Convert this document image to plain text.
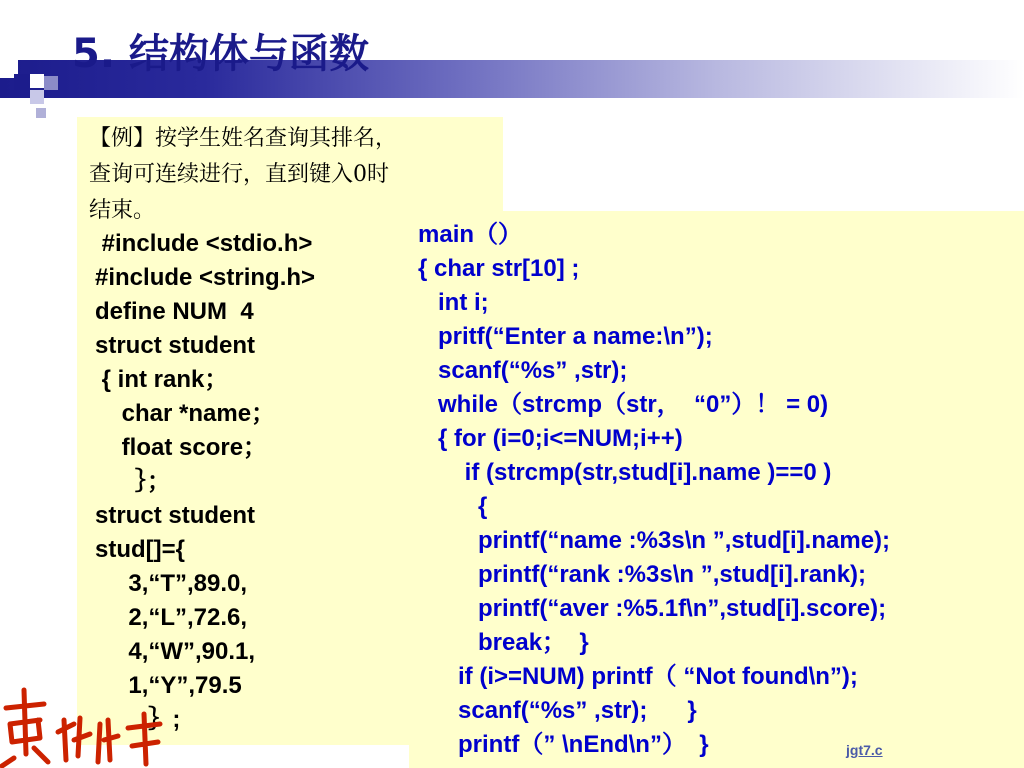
5. 结构体与函数
【例】按学生姓名查询其排名，
查询可连续进行，直到键入0时
结束。
#include <stdio.h>
#include <string.h>
define NUM  4
struct student
{ int rank；
char *name；
float score；
｝；
struct student
stud[]={
3,“T”,89.0,
2,“L”,72.6,
4,“W”,90.1,
1,“Y”,79.5
｝;
main（）
{ char str[10] ;
int i;
pritf(“Enter a name:\n”);
scanf(“%s” ,str);
while（strcmp（str，  “0”）！ = 0)
{ for (i=0;i<=NUM;i++)
if (strcmp(str,stud[i].name )==0 )
{
printf(“name :%3s\n ”,stud[i].name);
printf(“rank :%3s\n ”,stud[i].rank);
printf(“aver :%5.1f\n”,stud[i].score);
break；  }
if (i>=NUM) printf（ “Not found\n”);
scanf(“%s” ,str);      }
printf（” \nEnd\n”）  }	jgt7.c
